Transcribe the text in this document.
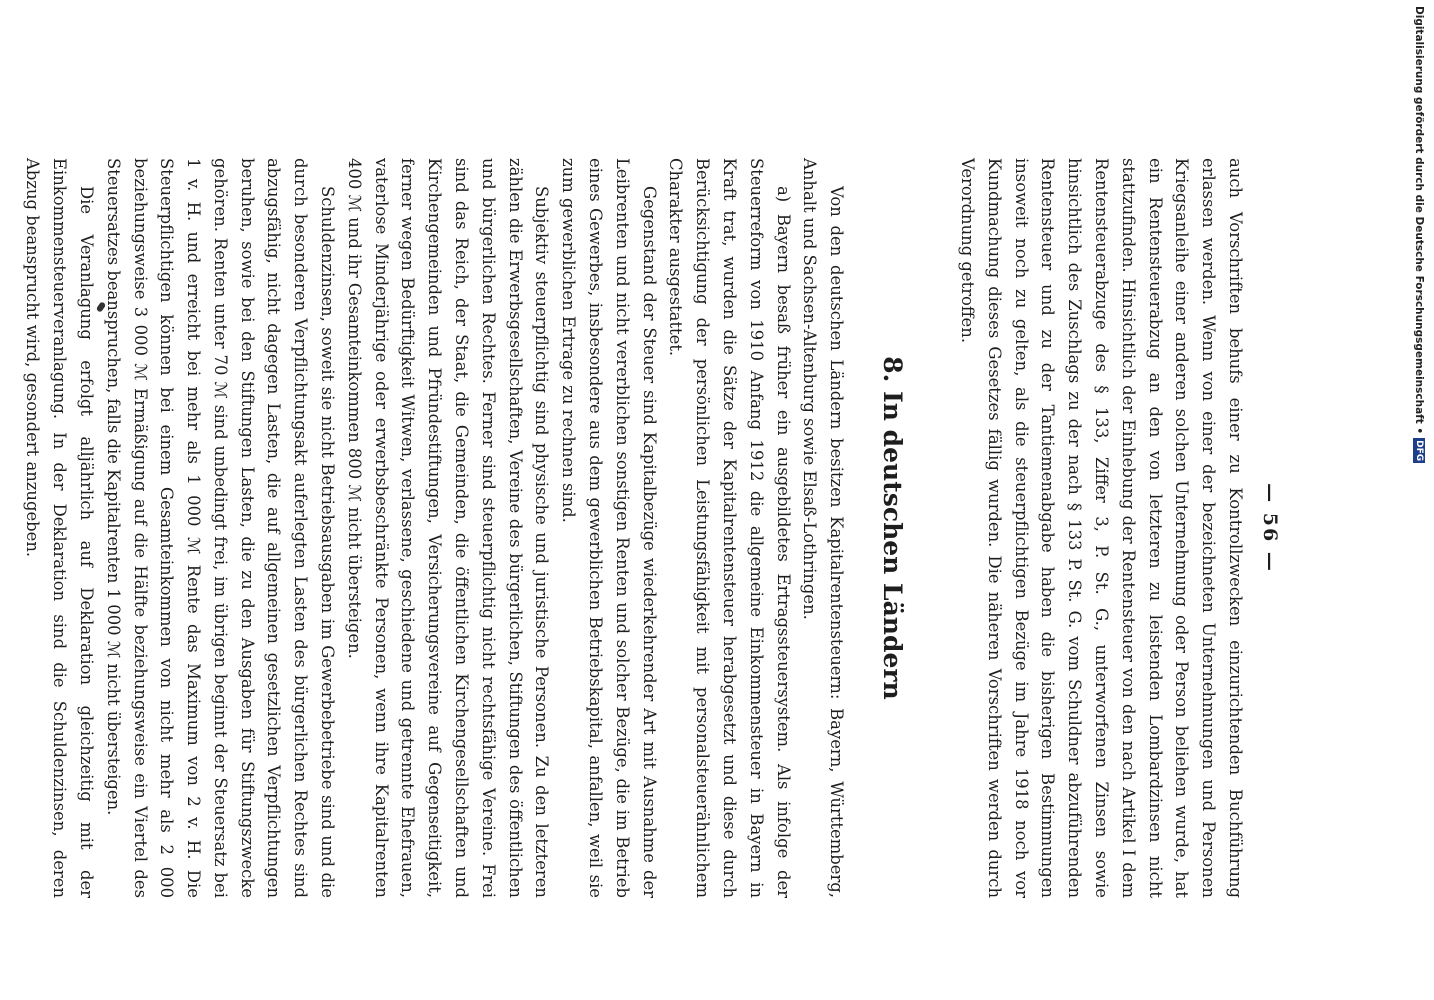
— 56 —

auch Vorschriften behufs einer zu Kontrollzwecken einzurichtenden Buchführung erlassen werden. Wenn von einer der bezeichneten Unternehmungen und Personen Kriegsanleihe einer anderen solchen Unternehmung oder Person beliehen wurde, hat ein Rentensteuerabzug an den von letzteren zu leistenden Lombardzinsen nicht stattzufinden. Hinsichtlich der Einhebung der Rentensteuer von den nach Artikel I dem Rentensteuerabzuge des § 133, Ziffer 3, P. St. G., unterworfenen Zinsen sowie hinsichtlich des Zuschlags zu der nach § 133 P. St. G. vom Schuldner abzuführenden Rentensteuer und zu der Tantiemenabgabe haben die bisherigen Bestimmungen insoweit noch zu gelten, als die steuerpflichtigen Bezüge im Jahre 1918 noch vor Kundmachung dieses Gesetzes fällig wurden. Die näheren Vorschriften werden durch Verordnung getroffen.

8. In deutschen Ländern

Von den deutschen Ländern besitzen Kapitalrentensteuern: Bayern, Württemberg, Anhalt und Sachsen-Altenburg sowie Elsaß-Lothringen.

a) Bayern besaß früher ein ausgebildetes Ertragssteuersystem. Als infolge der Steuerreform von 1910 Anfang 1912 die allgemeine Einkommensteuer in Bayern in Kraft trat, wurden die Sätze der Kapitalrentensteuer herabgesetzt und diese durch Berücksichtigung der persönlichen Leistungsfähigkeit mit personalsteuerähnlichem Charakter ausgestattet.

Gegenstand der Steuer sind Kapitalbezüge wiederkehrender Art mit Ausnahme der Leibrenten und nicht vererblichen sonstigen Renten und solcher Bezüge, die im Betrieb eines Gewerbes, insbesondere aus dem gewerblichen Betriebskapital, anfallen, weil sie zum gewerblichen Ertrage zu rechnen sind.

Subjektiv steuerpflichtig sind physische und juristische Personen. Zu den letzteren zählen die Erwerbsgesellschaften, Vereine des bürgerlichen, Stiftungen des öffentlichen und bürgerlichen Rechtes. Ferner sind steuerpflichtig nicht rechtsfähige Vereine. Frei sind das Reich, der Staat, die Gemeinden, die öffentlichen Kirchengesellschaften und Kirchengemeinden und Pfründestiftungen, Versicherungsvereine auf Gegenseitigkeit, ferner wegen Bedürftigkeit Witwen, verlassene, geschiedene und getrennte Ehefrauen, vaterlose Minderjährige oder erwerbsbeschränkte Personen, wenn ihre Kapitalrenten 400 ℳ und ihr Gesamteinkommen 800 ℳ nicht übersteigen.

Schuldenzinsen, soweit sie nicht Betriebsausgaben im Gewerbebetriebe sind und die durch besonderen Verpflichtungsakt auferlegten Lasten des bürgerlichen Rechtes sind abzugsfähig, nicht dagegen Lasten, die auf allgemeinen gesetzlichen Verpflichtungen beruhen, sowie bei den Stiftungen Lasten, die zu den Ausgaben für Stiftungszwecke gehören. Renten unter 70 ℳ sind unbedingt frei, im übrigen beginnt der Steuersatz bei 1 v. H. und erreicht bei mehr als 1 000 ℳ Rente das Maximum von 2 v. H. Die Steuerpflichtigen können bei einem Gesamteinkommen von nicht mehr als 2 000 beziehungsweise 3 000 ℳ Ermäßigung auf die Hälfte beziehungsweise ein Viertel des Steuersatzes beanspruchen, falls die Kapitalrenten 1 000 ℳ nicht übersteigen.

Die Veranlagung erfolgt alljährlich auf Deklaration gleichzeitig mit der Einkommensteuerveranlagung. In der Deklaration sind die Schuldenzinsen, deren Abzug beansprucht wird, gesondert anzugeben.	DFG
Digitalisierung gefördert durch die Deutsche Forschungsgemeinschaft •
